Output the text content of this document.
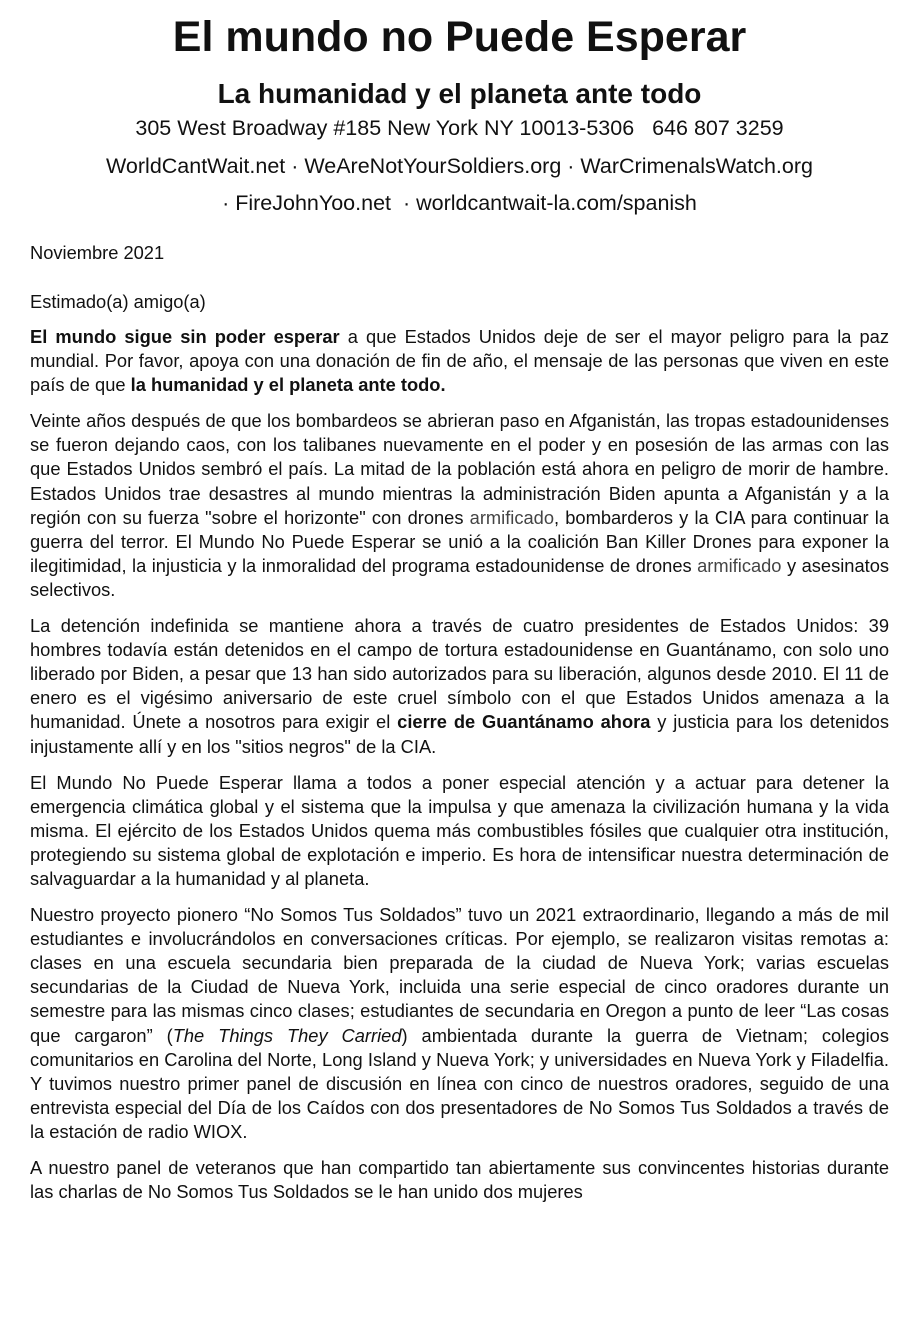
El mundo no Puede Esperar
La humanidad y el planeta ante todo
305 West Broadway #185 New York NY 10013-5306   646 807 3259
WorldCantWait.net · WeAreNotYourSoldiers.org · WarCrimenalsWatch.org
· FireJohnYoo.net  · worldcantwait-la.com/spanish
Noviembre 2021
Estimado(a) amigo(a)

El mundo sigue sin poder esperar a que Estados Unidos deje de ser el mayor peligro para la paz mundial. Por favor, apoya con una donación de fin de año, el mensaje de las personas que viven en este país de que la humanidad y el planeta ante todo.

Veinte años después de que los bombardeos se abrieran paso en Afganistán, las tropas estadounidenses se fueron dejando caos, con los talibanes nuevamente en el poder y en posesión de las armas con las que Estados Unidos sembró el país. La mitad de la población está ahora en peligro de morir de hambre. Estados Unidos trae desastres al mundo mientras la administración Biden apunta a Afganistán y a la región con su fuerza "sobre el horizonte" con drones armificado, bombarderos y la CIA para continuar la guerra del terror. El Mundo No Puede Esperar se unió a la coalición Ban Killer Drones para exponer la ilegitimidad, la injusticia y la inmoralidad del programa estadounidense de drones armificado y asesinatos selectivos.

La detención indefinida se mantiene ahora a través de cuatro presidentes de Estados Unidos: 39 hombres todavía están detenidos en el campo de tortura estadounidense en Guantánamo, con solo uno liberado por Biden, a pesar que 13 han sido autorizados para su liberación, algunos desde 2010. El 11 de enero es el vigésimo aniversario de este cruel símbolo con el que Estados Unidos amenaza a la humanidad. Únete a nosotros para exigir el cierre de Guantánamo ahora y justicia para los detenidos injustamente allí y en los "sitios negros" de la CIA.

El Mundo No Puede Esperar llama a todos a poner especial atención y a actuar para detener la emergencia climática global y el sistema que la impulsa y que amenaza la civilización humana y la vida misma. El ejército de los Estados Unidos quema más combustibles fósiles que cualquier otra institución, protegiendo su sistema global de explotación e imperio. Es hora de intensificar nuestra determinación de salvaguardar a la humanidad y al planeta.

Nuestro proyecto pionero “No Somos Tus Soldados” tuvo un 2021 extraordinario, llegando a más de mil estudiantes e involucrándolos en conversaciones críticas. Por ejemplo, se realizaron visitas remotas a: clases en una escuela secundaria bien preparada de la ciudad de Nueva York; varias escuelas secundarias de la Ciudad de Nueva York, incluida una serie especial de cinco oradores durante un semestre para las mismas cinco clases; estudiantes de secundaria en Oregon a punto de leer “Las cosas que cargaron” (The Things They Carried) ambientada durante la guerra de Vietnam; colegios comunitarios en Carolina del Norte, Long Island y Nueva York; y universidades en Nueva York y Filadelfia. Y tuvimos nuestro primer panel de discusión en línea con cinco de nuestros oradores, seguido de una entrevista especial del Día de los Caídos con dos presentadores de No Somos Tus Soldados a través de la estación de radio WIOX.

A nuestro panel de veteranos que han compartido tan abiertamente sus convincentes historias durante las charlas de No Somos Tus Soldados se le han unido dos mujeres
